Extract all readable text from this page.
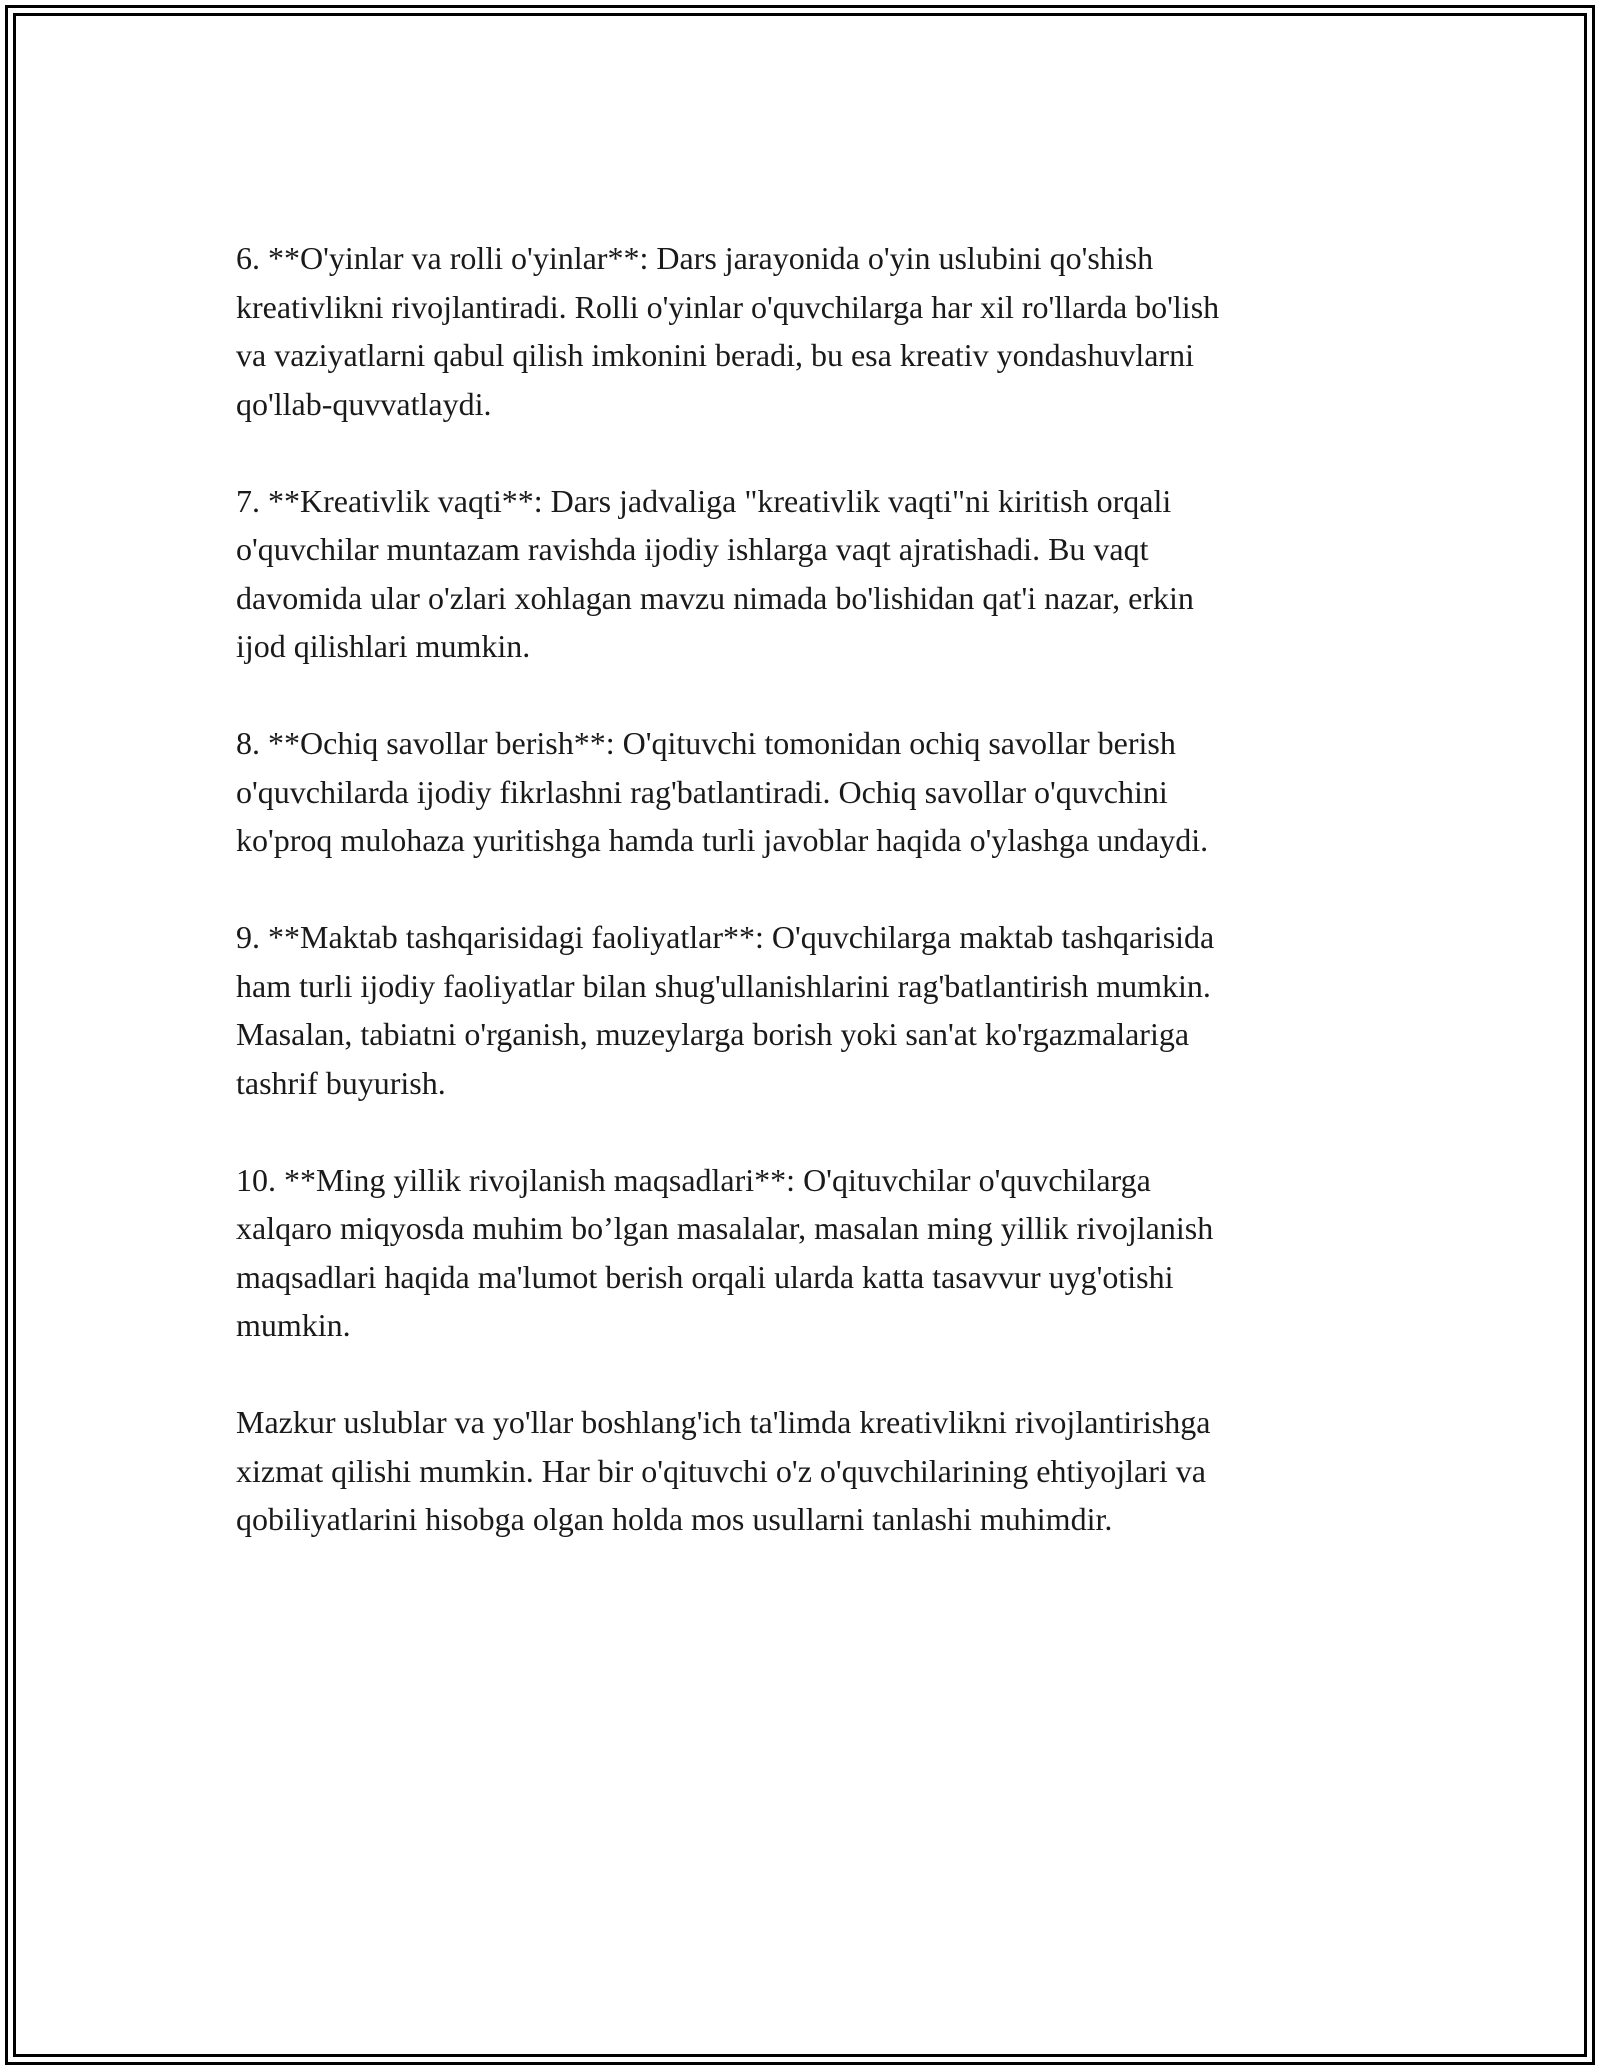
6. **O'yinlar va rolli o'yinlar**: Dars jarayonida o'yin uslubini qo'shish
kreativlikni rivojlantiradi. Rolli o'yinlar o'quvchilarga har xil ro'llarda bo'lish
va vaziyatlarni qabul qilish imkonini beradi, bu esa kreativ yondashuvlarni
qo'llab-quvvatlaydi.

7. **Kreativlik vaqti**: Dars jadvaliga "kreativlik vaqti"ni kiritish orqali
o'quvchilar muntazam ravishda ijodiy ishlarga vaqt ajratishadi. Bu vaqt
davomida ular o'zlari xohlagan mavzu nimada bo'lishidan qat'i nazar, erkin
ijod qilishlari mumkin.

8. **Ochiq savollar berish**: O'qituvchi tomonidan ochiq savollar berish
o'quvchilarda ijodiy fikrlashni rag'batlantiradi. Ochiq savollar o'quvchini
ko'proq mulohaza yuritishga hamda turli javoblar haqida o'ylashga undaydi.

9. **Maktab tashqarisidagi faoliyatlar**: O'quvchilarga maktab tashqarisida
ham turli ijodiy faoliyatlar bilan shug'ullanishlarini rag'batlantirish mumkin.
Masalan, tabiatni o'rganish, muzeylarga borish yoki san'at ko'rgazmalariga
tashrif buyurish.

10. **Ming yillik rivojlanish maqsadlari**: O'qituvchilar o'quvchilarga
xalqaro miqyosda muhim bo’lgan masalalar, masalan ming yillik rivojlanish
maqsadlari haqida ma'lumot berish orqali ularda katta tasavvur uyg'otishi
mumkin.

Mazkur uslublar va yo'llar boshlang'ich ta'limda kreativlikni rivojlantirishga
xizmat qilishi mumkin. Har bir o'qituvchi o'z o'quvchilarining ehtiyojlari va
qobiliyatlarini hisobga olgan holda mos usullarni tanlashi muhimdir.
